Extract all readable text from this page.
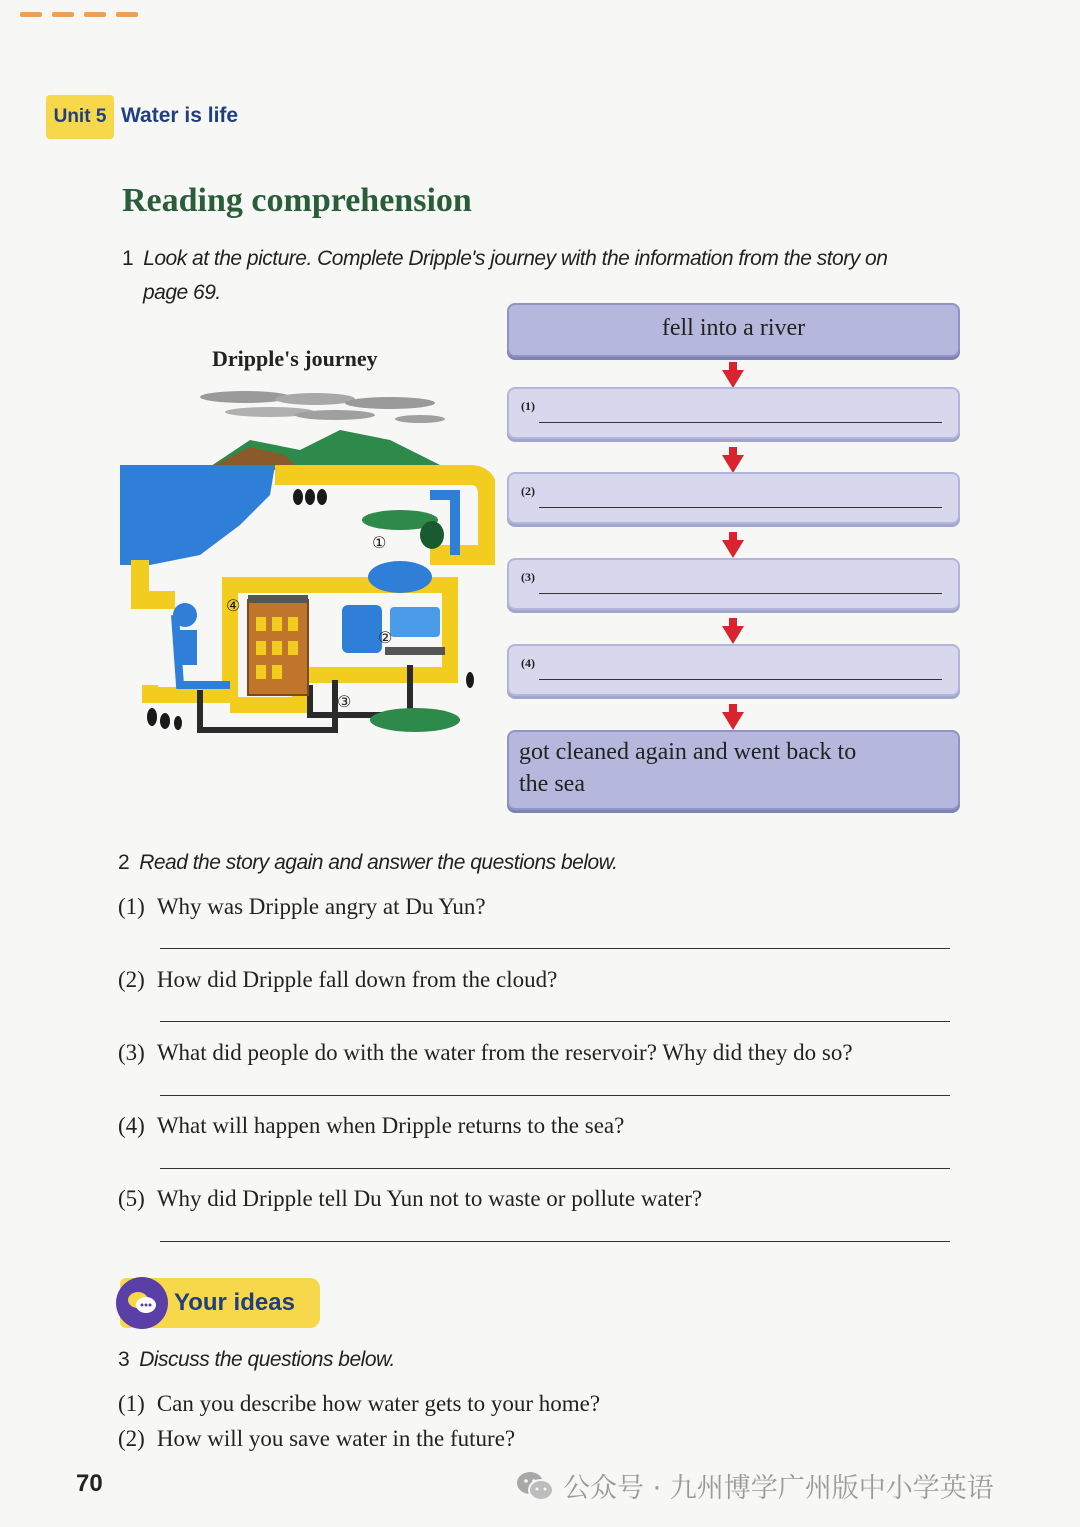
Unit 5 Water is life
Reading comprehension
1 Look at the picture. Complete Dripple's journey with the information from the story on
page 69.
Dripple's journey
①
②
③
④
fell into a river
(1)
(2)
(3)
(4)
got cleaned again and went back to
the sea
2 Read the story again and answer the questions below.
(1) Why was Dripple angry at Du Yun?
(2) How did Dripple fall down from the cloud?
(3) What did people do with the water from the reservoir? Why did they do so?
(4) What will happen when Dripple returns to the sea?
(5) Why did Dripple tell Du Yun not to waste or pollute water?
Your ideas
3 Discuss the questions below.
(1) Can you describe how water gets to your home?
(2) How will you save water in the future?
70	公众号 · 九州博学广州版中小学英语
